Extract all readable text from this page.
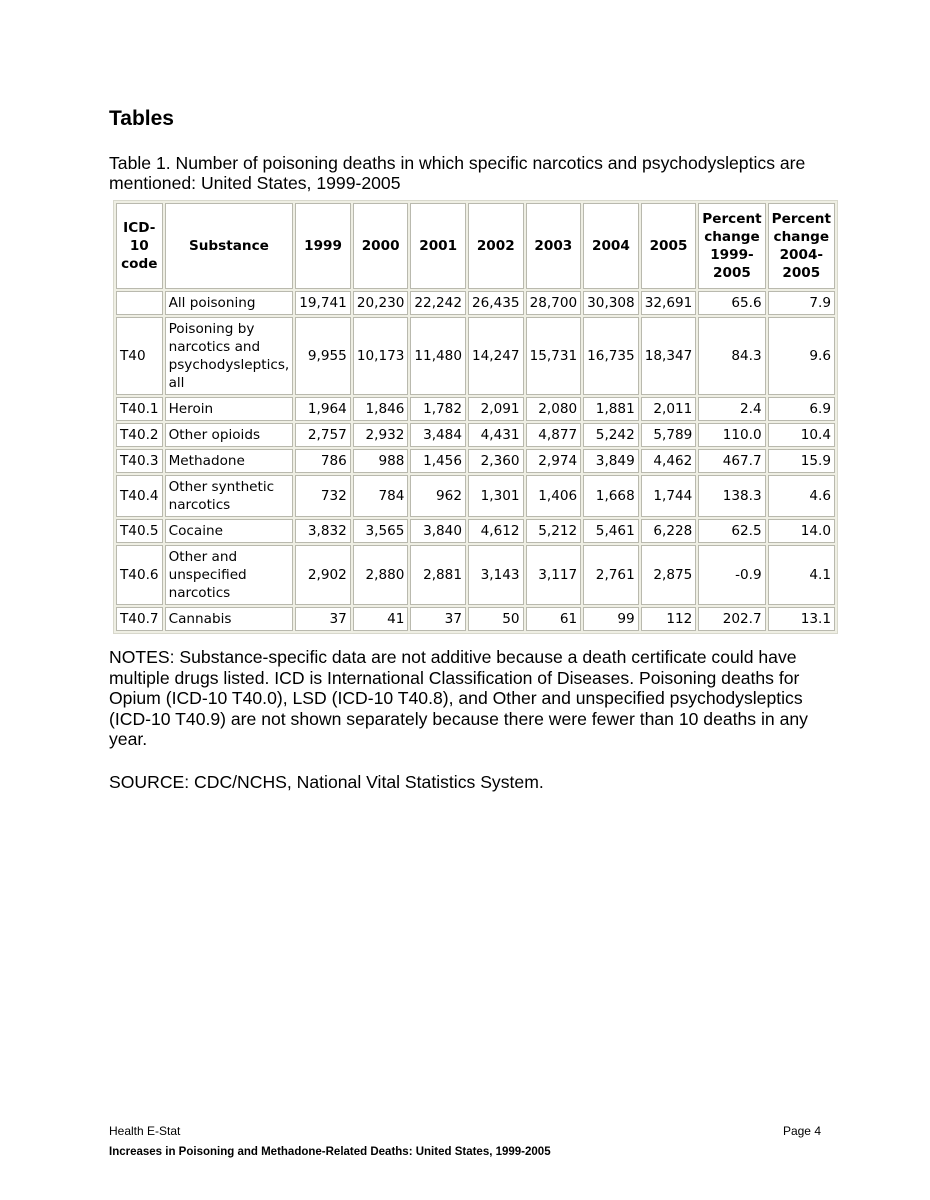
Tables

Table 1. Number of poisoning deaths in which specific narcotics and psychodysleptics are mentioned: United States, 1999-2005

ICD-10 code	Substance	1999	2000	2001	2002	2003	2004	2005	Percent change 1999-2005	Percent change 2004-2005
	All poisoning	19,741	20,230	22,242	26,435	28,700	30,308	32,691	65.6	7.9
T40	Poisoning by narcotics and psychodysleptics, all	9,955	10,173	11,480	14,247	15,731	16,735	18,347	84.3	9.6
T40.1	Heroin	1,964	1,846	1,782	2,091	2,080	1,881	2,011	2.4	6.9
T40.2	Other opioids	2,757	2,932	3,484	4,431	4,877	5,242	5,789	110.0	10.4
T40.3	Methadone	786	988	1,456	2,360	2,974	3,849	4,462	467.7	15.9
T40.4	Other synthetic narcotics	732	784	962	1,301	1,406	1,668	1,744	138.3	4.6
T40.5	Cocaine	3,832	3,565	3,840	4,612	5,212	5,461	6,228	62.5	14.0
T40.6	Other and unspecified narcotics	2,902	2,880	2,881	3,143	3,117	2,761	2,875	-0.9	4.1
T40.7	Cannabis	37	41	37	50	61	99	112	202.7	13.1

NOTES: Substance-specific data are not additive because a death certificate could have multiple drugs listed. ICD is International Classification of Diseases. Poisoning deaths for Opium (ICD-10 T40.0), LSD (ICD-10 T40.8), and Other and unspecified psychodysleptics (ICD-10 T40.9) are not shown separately because there were fewer than 10 deaths in any year.

SOURCE: CDC/NCHS, National Vital Statistics System.

Health E-Stat	Page 4

Increases in Poisoning and Methadone-Related Deaths: United States, 1999-2005
